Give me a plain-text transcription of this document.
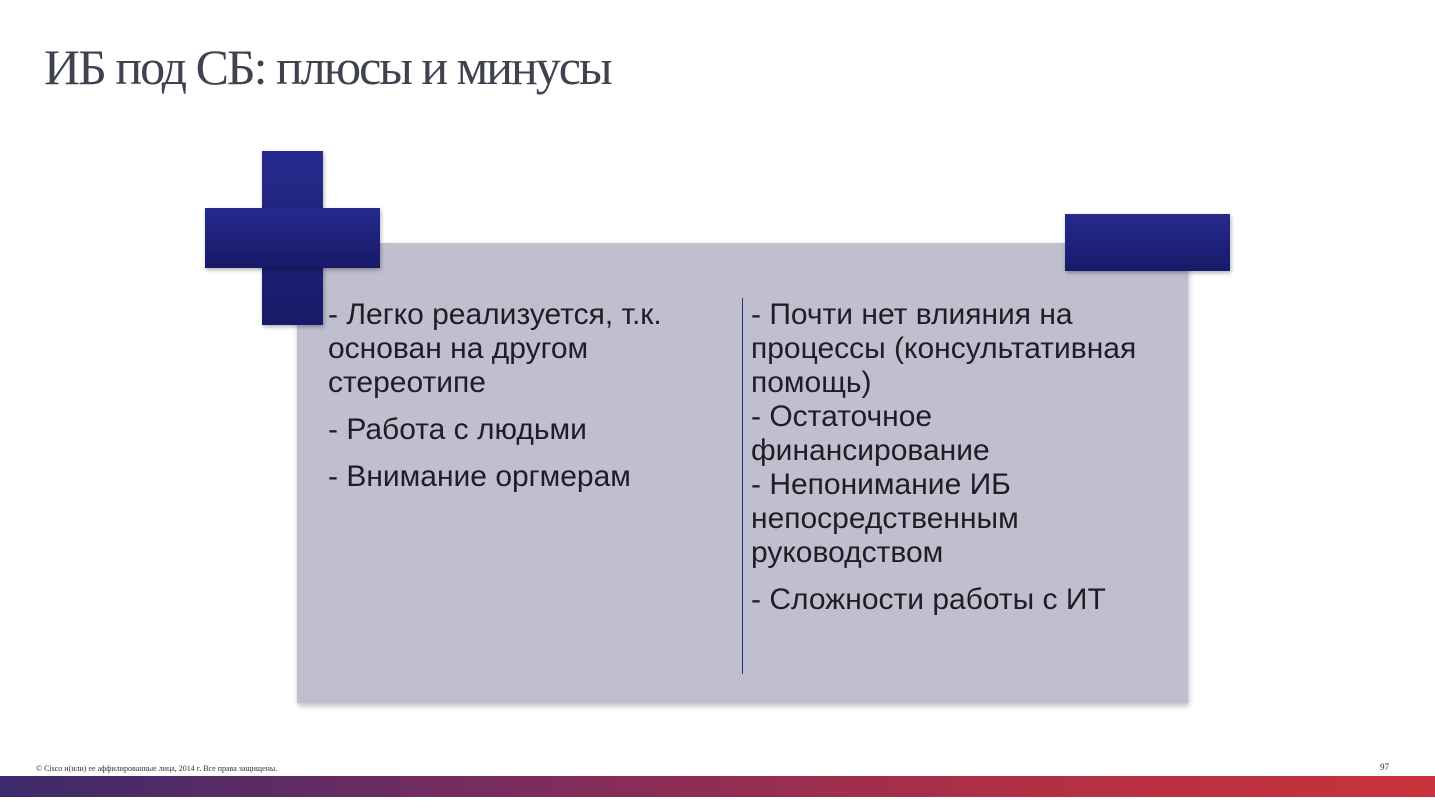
ИБ под СБ: плюсы и минусы

- Легко реализуется, т.к. основан на другом стереотипе

- Работа с людьми

- Внимание оргмерам

- Почти нет влияния на процессы (консультативная помощь)

- Остаточное финансирование

- Непонимание ИБ непосредственным руководством

- Сложности работы с ИТ

© Cisco и(или) ее аффилированные лица, 2014 г. Все права защищены.	97
